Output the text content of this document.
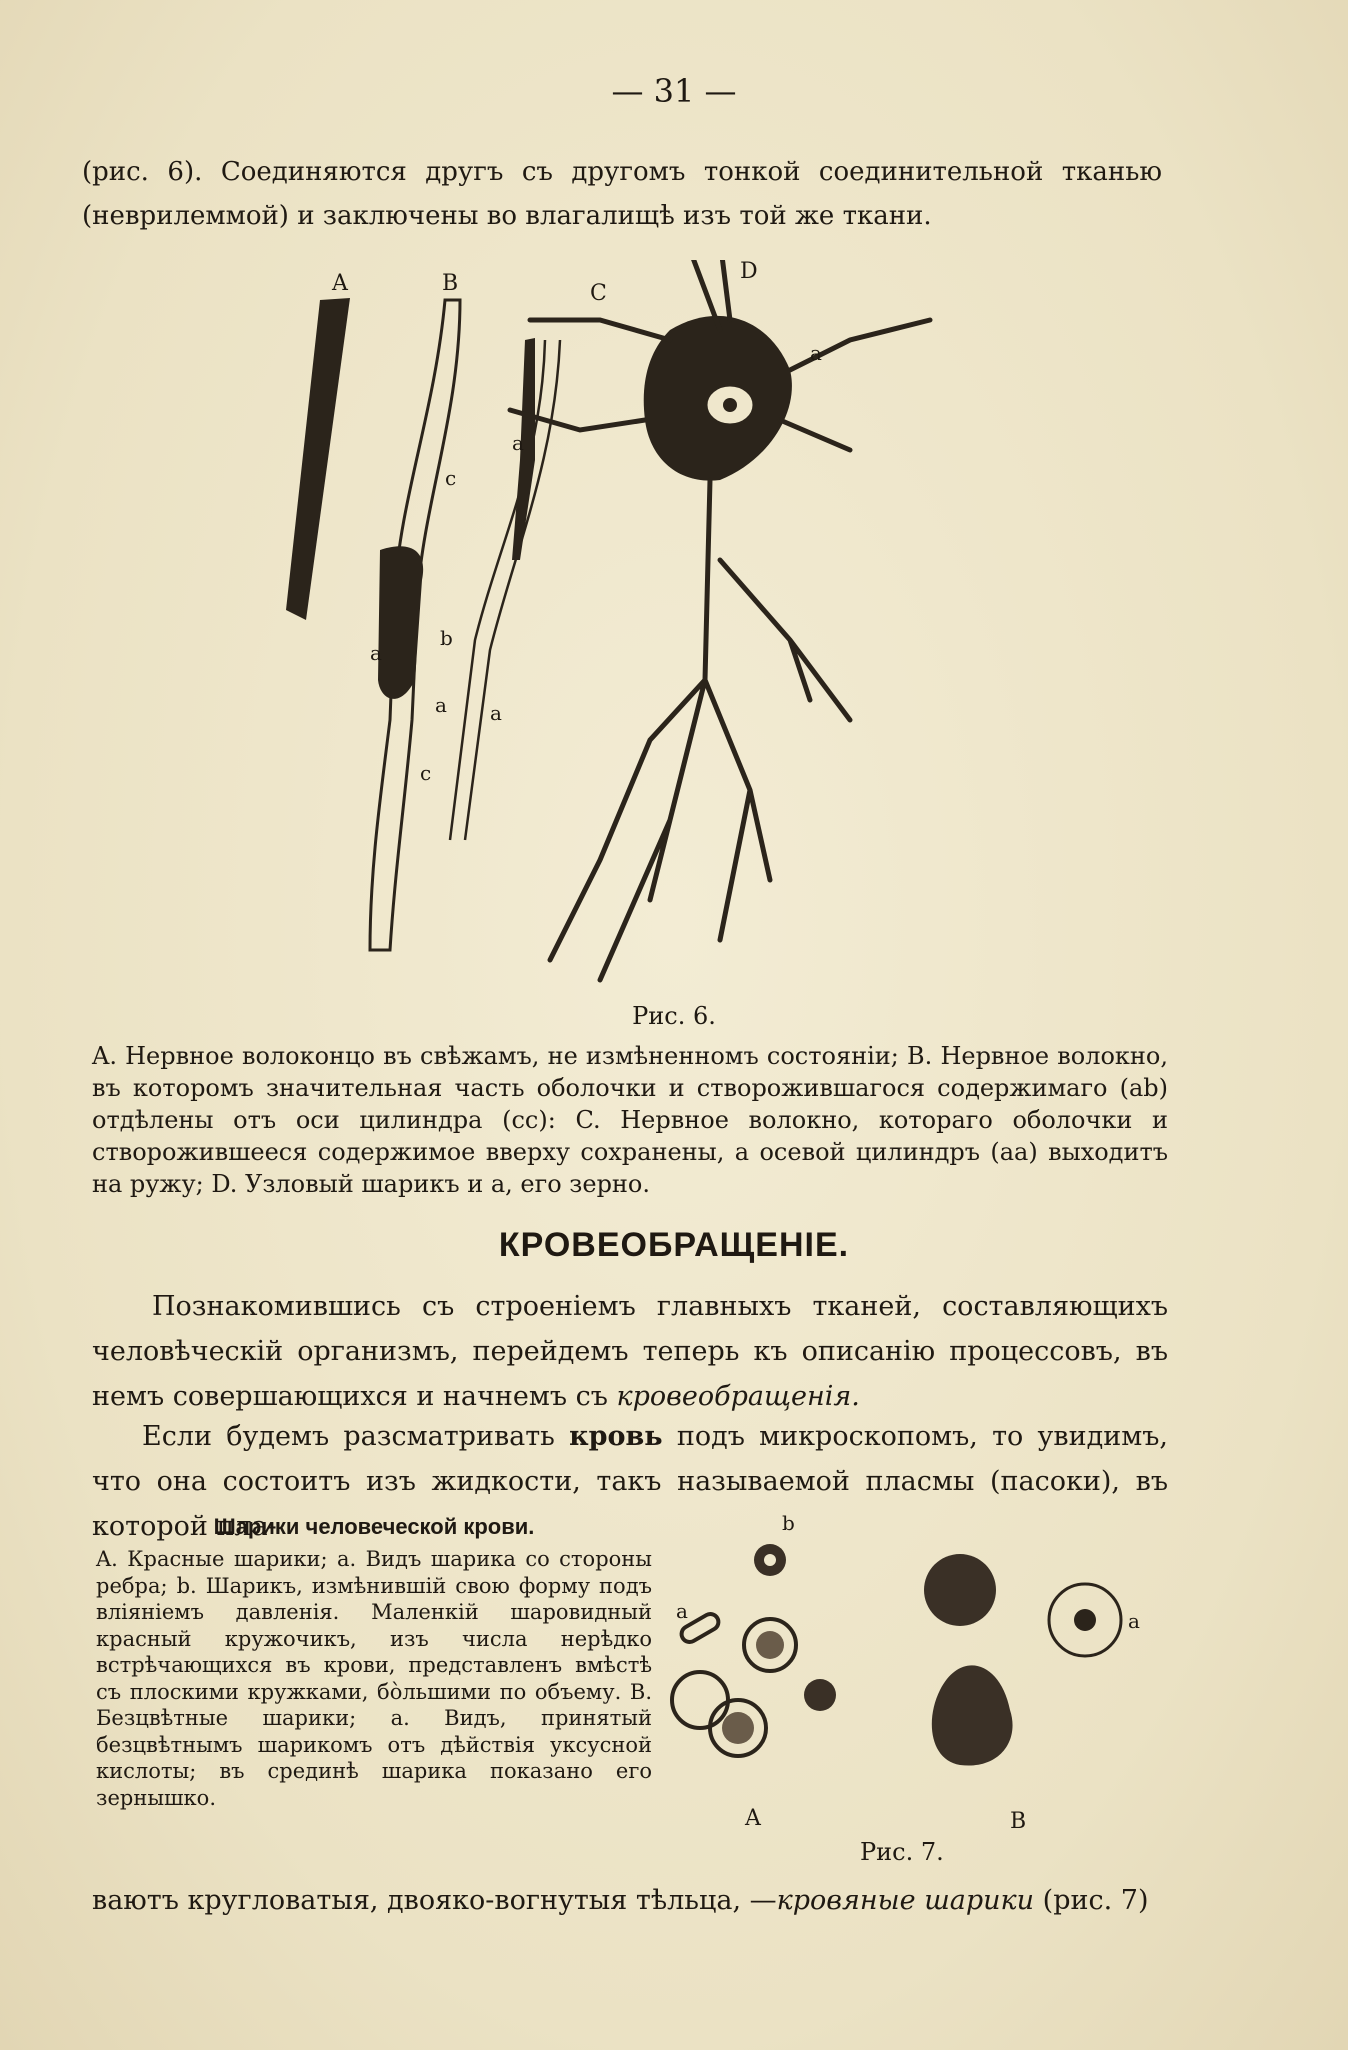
— 31 —
(рис. 6). Соединяются другъ съ другомъ тонкой соединительной тканью (неврилеммой) и заключены во влагалищѣ изъ той же ткани.
A	B
b
a
a
c
c
C
a
a
D
a
Рис. 6.
A. Нервное волоконцо въ свѣжамъ, не измѣненномъ состояніи; B. Нервное волокно, въ которомъ значительная часть оболочки и створожившагося содержимаго (ab) отдѣлены отъ оси цилиндра (cc): C. Нервное волокно, котораго оболочки и створожившееся содержимое вверху сохранены, а осевой цилиндръ (aa) выходитъ на ружу; D. Узловый шарикъ и a, его зерно.
КРОВЕОБРАЩЕНІЕ.
Познакомившись съ строеніемъ главныхъ тканей, составляющихъ человѣческій организмъ, перейдемъ теперь къ описанію процессовъ, въ немъ совершающихся и начнемъ съ кровеобращенія.
Если будемъ разсматривать кровь подъ микроскопомъ, то увидимъ, что она состоитъ изъ жидкости, такъ называемой пласмы (пасоки), въ которой пла-
Шарики человеческой крови.
A. Красные шарики; a. Видъ шарика со стороны ребра; b. Шарикъ, измѣнившій свою форму подъ вліяніемъ давленія. Маленкій шаровидный красный кружочикъ, изъ числа нерѣдко встрѣчающихся въ крови, представленъ вмѣстѣ съ плоскими кружками, бо̀льшими по объему. B. Безцвѣтные шарики; a. Видъ, принятый безцвѣтнымъ шарикомъ отъ дѣйствія уксусной кислоты; въ срединѣ шарика показано его зернышко.
b
a
A
a
B
Рис. 7.
ваютъ кругловатыя, двояко-вогнутыя тѣльца, —кровяные шарики (рис. 7)
